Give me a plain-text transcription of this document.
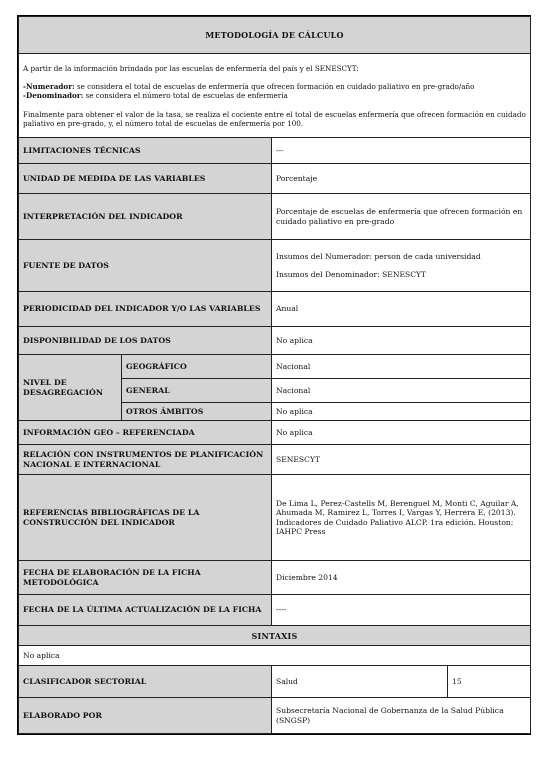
METODOLOGÍA DE CÁLCULO			

A partir de la información brindada por las escuelas de enfermería del país y el SENESCYT:

-Numerador: se considera el total de escuelas de enfermería que ofrecen formación en cuidado paliativo en pre-grado/año

-Denominador: se considera el número total de escuelas de enfermería

Finalmente para obtener el valor de la tasa, se realiza el cociente entre el total de escuelas enfermería que ofrecen formación en cuidado paliativo en pre-grado, y, el número total de escuelas de enfermería por 100.			

LIMITACIONES TÉCNICAS		---	
UNIDAD DE MEDIDA DE LAS VARIABLES		Porcentaje	
INTERPRETACIÓN DEL INDICADOR		Porcentaje de escuelas de enfermería que ofrecen formación en cuidado paliativo en pre-grado	
FUENTE DE DATOS		Insumos del Numerador: person de cada universidad
Insumos del Denominador: SENESCYT	

PERIODICIDAD DEL INDICADOR Y/O LAS VARIABLES		Anual	
DISPONIBILIDAD DE LOS DATOS		No aplica	
NIVEL DE DESAGREGACIÓN	GEOGRÁFICO	Nacional	
	GENERAL	Nacional	
	OTROS ÁMBITOS	No aplica	
INFORMACIÓN GEO – REFERENCIADA		No aplica	
RELACIÓN CON INSTRUMENTOS DE PLANIFICACIÓN NACIONAL E INTERNACIONAL		SENESCYT	
REFERENCIAS BIBLIOGRÁFICAS DE LA CONSTRUCCIÓN DEL INDICADOR		De Lima L, Perez-Castells M, Berenguel M, Monti C, Aguilar A, Ahumada M, Ramirez L, Torres I, Vargas Y, Herrera E, (2013). Indicadores de Cuidado Paliativo ALCP. 1ra edición. Houston: IAHPC Press	
FECHA DE ELABORACIÓN DE LA FICHA METODOLÓGICA		Diciembre 2014	
FECHA DE LA ÚLTIMA ACTUALIZACIÓN DE LA FICHA		----	
SINTAXIS			
No aplica			
CLASIFICADOR SECTORIAL		Salud	15
ELABORADO POR		Subsecretaría Nacional de Gobernanza de la Salud Pública (SNGSP)	
